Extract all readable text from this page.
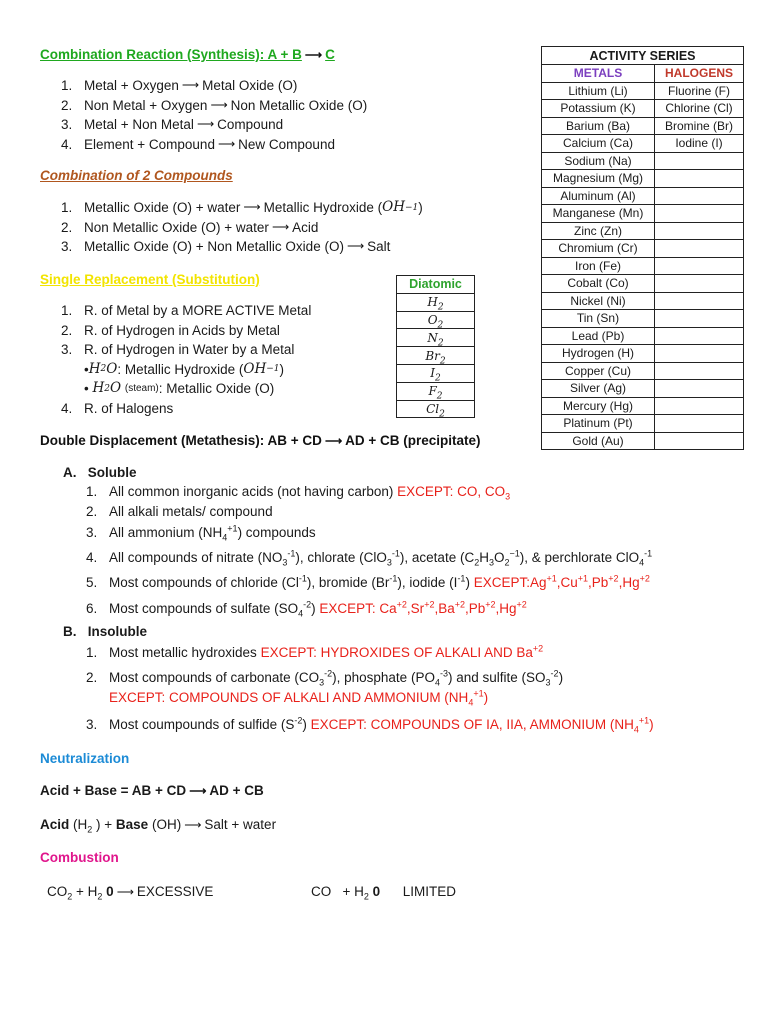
Combination Reaction (Synthesis): A + B ⟶ C
1. Metal + Oxygen ⟶ Metal Oxide (O)
2. Non Metal + Oxygen ⟶ Non Metallic Oxide (O)
3. Metal + Non Metal ⟶ Compound
4. Element + Compound ⟶ New Compound
Combination of 2 Compounds
1. Metallic Oxide (O) + water ⟶ Metallic Hydroxide ( OH −1 )
2. Non Metallic Oxide (O) + water ⟶ Acid
3. Metallic Oxide (O) + Non Metallic Oxide (O) ⟶ Salt
Single Replacement (Substitution)
1. R. of Metal by a MORE ACTIVE Metal
2. R. of Hydrogen in Acids by Metal
3. R. of Hydrogen in Water by a Metal
• H 2 O : Metallic Hydroxide ( OH −1 )
•
H 2 O
(steam) : Metallic Oxide (O)
4. R. of Halogens
Diatomic
$H_2$
$O_2$
$N_2$
$Br_2$
$I_2$
$F_2$
$Cl_2$
ACTIVITY SERIES	
METALS	HALOGENS
Lithium (Li)	Fluorine (F)
Potassium (K)	Chlorine (Cl)
Barium (Ba)	Bromine (Br)
Calcium (Ca)	Iodine (I)
Sodium (Na)	
Magnesium (Mg)	
Aluminum (Al)	
Manganese (Mn)	
Zinc (Zn)	
Chromium (Cr)	
Iron (Fe)	
Cobalt (Co)	
Nickel (Ni)	
Tin (Sn)	
Lead (Pb)	
Hydrogen (H)	
Copper (Cu)	
Silver (Ag)	
Mercury (Hg)	
Platinum (Pt)	
Gold (Au)	
Double Displacement (Metathesis): AB + CD ⟶ AD + CB (precipitate)
A. Soluble
1. All common inorganic acids (not having carbon) EXCEPT: CO, $CO_3$
2. All alkali metals/ compound
3. All ammonium $(NH_4^{+1})$ compounds
4. All compounds of nitrate $(NO_3^{-1})$, chlorate (ClO$_3^{-1}$), acetate $(C_2H_3O_2^{-1})$, & perchlorate ClO$_4^{-1}$
5. Most compounds of chloride $(Cl^{-1})$, bromide $(Br^{-1})$, iodide $(I^{-1})$ $EXCEPT:Ag^{+1},Cu^{+1},Pb^{+2},Hg^{+2}$
6. Most compounds of sulfate $(SO_4^{-2})$ EXCEPT: $Ca^{+2},Sr^{+2},Ba^{+2},Pb^{+2},Hg^{+2}$
B. Insoluble
1. Most metallic hydroxides EXCEPT: HYDROXIDES OF ALKALI AND $Ba^{+2}$
2. Most compounds of carbonate $(CO_3^{-2})$, phosphate $(PO_4^{-3})$ and sulfite $(SO_3^{-2})$
EXCEPT: COMPOUNDS OF ALKALI AND AMMONIUM $(NH_4^{+1})$
3. Most coumpounds of sulfide $(S^{-2})$ EXCEPT: COMPOUNDS OF IA, IIA, AMMONIUM $(NH_4^{+1})$
Neutralization
Acid + Base = AB + CD ⟶ AD + CB
Acid ($H_2$ ) + Base (OH) ⟶ Salt + water
Combustion
$CO_2 + H_2$ 0 ⟶ EXCESSIVE	CO + $H_2$ 0 LIMITED
